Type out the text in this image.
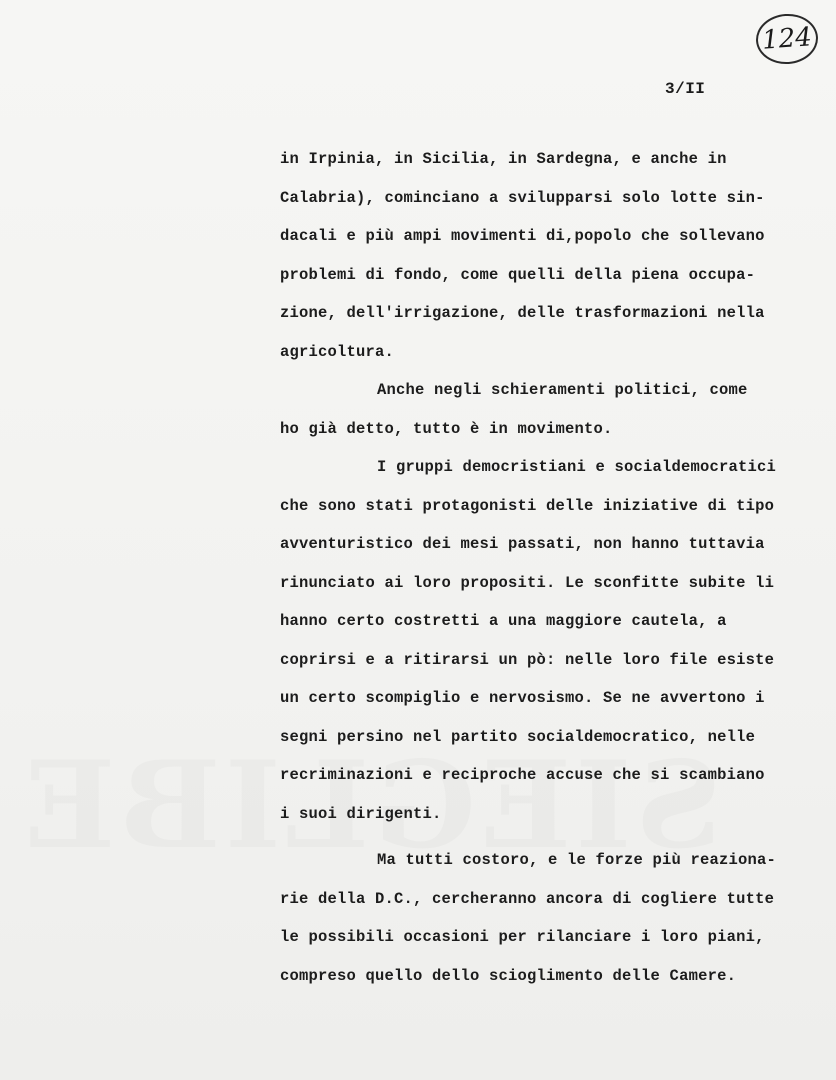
124
3/II
in Irpinia, in Sicilia, in Sardegna, e anche in
Calabria), cominciano a svilupparsi solo lotte sin-
dacali e più ampi movimenti di,popolo che sollevano
problemi di fondo, come quelli della piena occupa-
zione, dell'irrigazione, delle trasformazioni nella
agricoltura.
Anche negli schieramenti politici, come
ho già detto, tutto è in movimento.
I gruppi democristiani e socialdemocratici
che sono stati protagonisti delle iniziative di tipo
avventuristico dei mesi passati, non hanno tuttavia
rinunciato ai loro propositi. Le sconfitte subite li
hanno certo costretti a una maggiore cautela, a
coprirsi e a ritirarsi un pò: nelle loro file esiste
un certo scompiglio e nervosismo. Se ne avvertono i
segni persino nel partito socialdemocratico, nelle
recriminazioni e reciproche accuse che si scambiano
i suoi dirigenti.
Ma tutti costoro, e le forze più reaziona-
rie della D.C., cercheranno ancora di cogliere tutte
le possibili occasioni per rilanciare i loro piani,
compreso quello dello scioglimento delle Camere.
